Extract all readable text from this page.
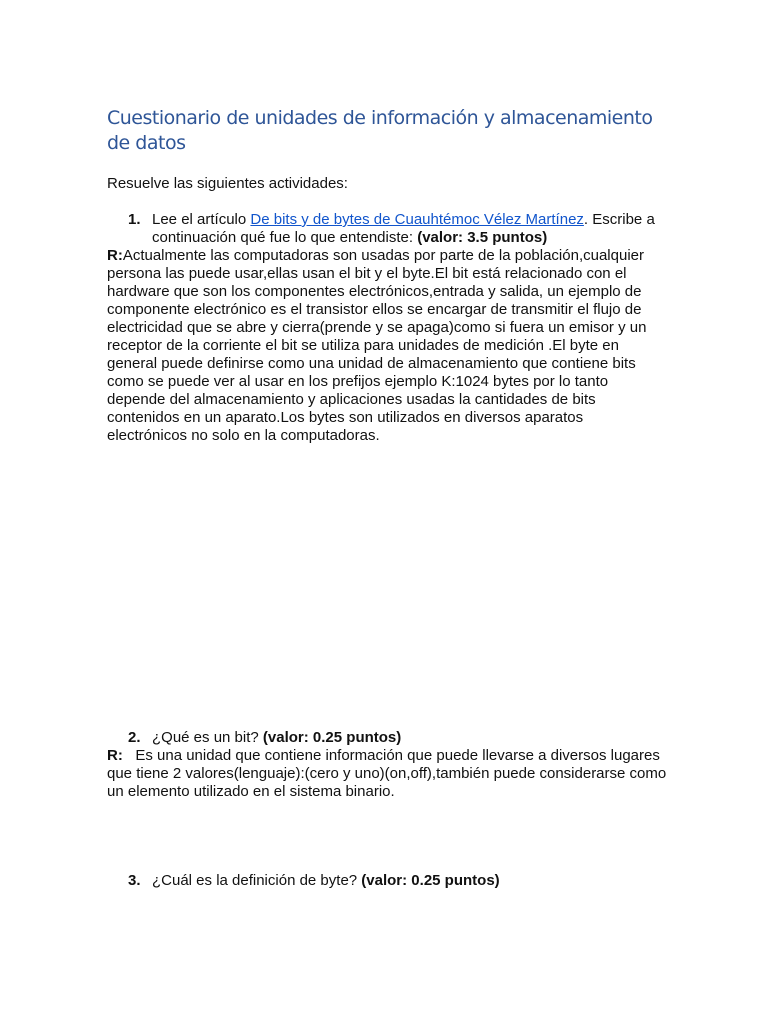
Cuestionario de unidades de información y almacenamiento de datos

Resuelve las siguientes actividades:

1. Lee el artículo De bits y de bytes de Cuauhtémoc Vélez Martínez. Escribe a continuación qué fue lo que entendiste: (valor: 3.5 puntos)

R:Actualmente las computadoras son usadas por parte de la población,cualquier persona las puede usar,ellas usan el bit y el byte.El bit está relacionado con el hardware que son los componentes electrónicos,entrada y salida, un ejemplo de componente electrónico es el transistor ellos se encargar de transmitir el flujo de electricidad que se abre y cierra(prende y se apaga)como si fuera un emisor y un receptor de la corriente el bit se utiliza para unidades de medición .El byte en general puede definirse como una unidad de almacenamiento que contiene bits como se puede ver al usar en los prefijos ejemplo K:1024 bytes por lo tanto depende del almacenamiento y aplicaciones usadas la cantidades de bits contenidos en un aparato.Los bytes son utilizados en diversos aparatos electrónicos no solo en la computadoras.

2. ¿Qué es un bit? (valor: 0.25 puntos)

R:   Es una unidad que contiene información que puede llevarse a diversos lugares que tiene 2 valores(lenguaje):(cero y uno)(on,off),también puede considerarse como un elemento utilizado en el sistema binario.

3. ¿Cuál es la definición de byte? (valor: 0.25 puntos)
